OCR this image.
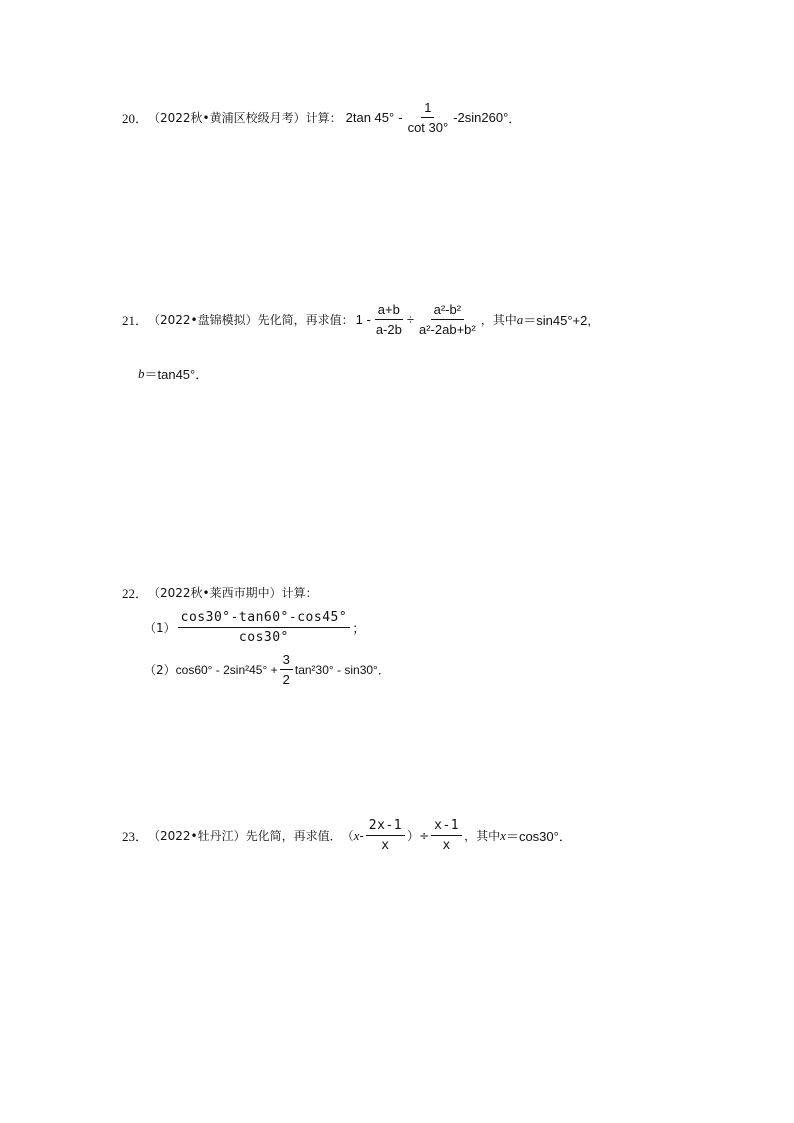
20． （2022秋•黄浦区校级月考）计算： 2tan $45^\circ - \frac{1}{\cot 30^\circ} -2\sin$ 2 60° ．
21． （2022•盘锦模拟）先化简，再求值： $1 - \frac{a+b}{a-2b} \div \frac{\text{a²-b²}}{\text{a²-2ab+b²}}$ ，其中 a ＝sin45°+2,
b ＝tan45°．
22． （2022秋•莱西市期中）计算：
$(1) \frac{\cos 30^\circ-\tan 60^\circ-\cos 45^\circ}{\cos 30^\circ}$ ；
（2） $\cos 60^\circ - 2\sin^245^\circ + \frac{3}{2} \tan^230^\circ - \sin 30^\circ$．
23． （2022•牡丹江）先化简，再求值． （ x - $\frac{2x-1}{x}$ ）÷ $\frac{x-1}{x}$ ，其中 x ＝cos30°．
